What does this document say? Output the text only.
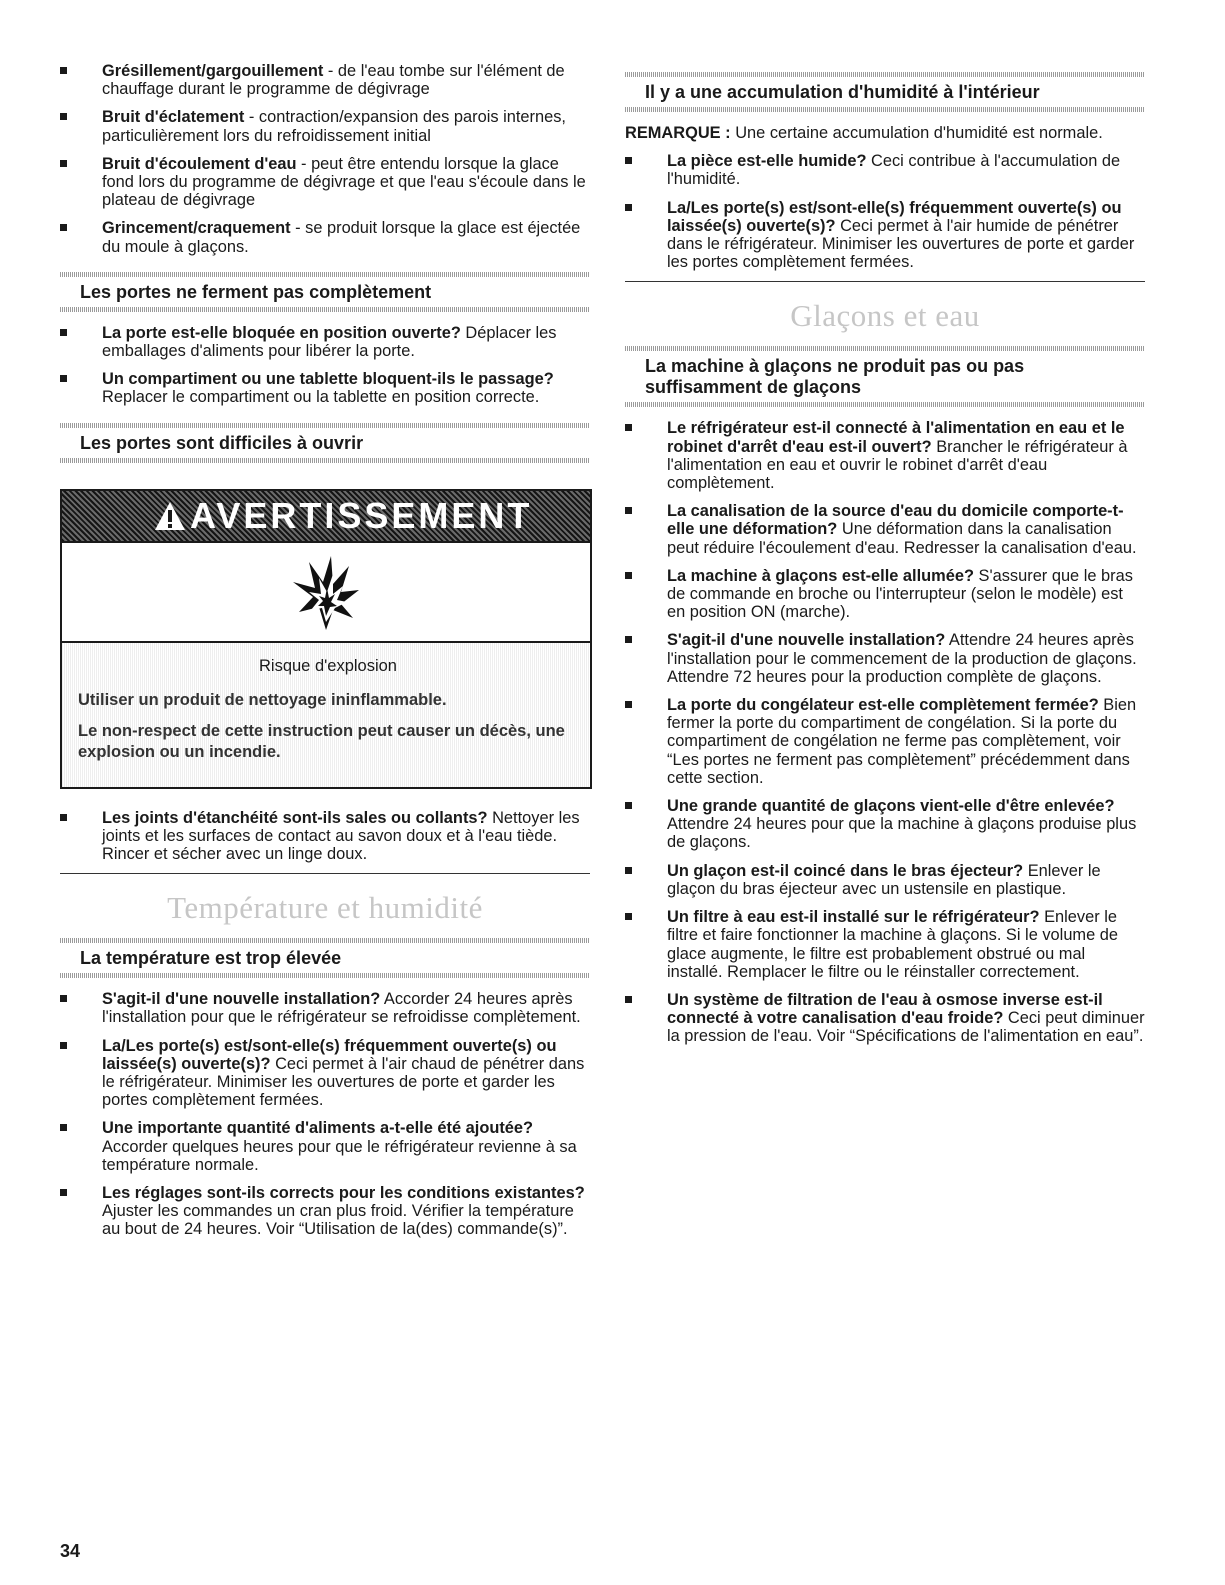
Grésillement/gargouillement - de l'eau tombe sur l'élément de chauffage durant le programme de dégivrage
Bruit d'éclatement - contraction/expansion des parois internes, particulièrement lors du refroidissement initial
Bruit d'écoulement d'eau - peut être entendu lorsque la glace fond lors du programme de dégivrage et que l'eau s'écoule dans le plateau de dégivrage
Grincement/craquement - se produit lorsque la glace est éjectée du moule à glaçons.
Les portes ne ferment pas complètement
La porte est-elle bloquée en position ouverte? Déplacer les emballages d'aliments pour libérer la porte.
Un compartiment ou une tablette bloquent-ils le passage? Replacer le compartiment ou la tablette en position correcte.
Les portes sont difficiles à ouvrir
AVERTISSEMENT
Risque d'explosion

Utiliser un produit de nettoyage ininflammable.

Le non-respect de cette instruction peut causer un décès, une explosion ou un incendie.

Les joints d'étanchéité sont-ils sales ou collants? Nettoyer les joints et les surfaces de contact au savon doux et à l'eau tiède. Rincer et sécher avec un linge doux.
Température et humidité
La température est trop élevée
S'agit-il d'une nouvelle installation? Accorder 24 heures après l'installation pour que le réfrigérateur se refroidisse complètement.
La/Les porte(s) est/sont-elle(s) fréquemment ouverte(s) ou laissée(s) ouverte(s)? Ceci permet à l'air chaud de pénétrer dans le réfrigérateur. Minimiser les ouvertures de porte et garder les portes complètement fermées.
Une importante quantité d'aliments a-t-elle été ajoutée? Accorder quelques heures pour que le réfrigérateur revienne à sa température normale.
Les réglages sont-ils corrects pour les conditions existantes? Ajuster les commandes un cran plus froid. Vérifier la température au bout de 24 heures. Voir “Utilisation de la(des) commande(s)”.
Il y a une accumulation d'humidité à l'intérieur

REMARQUE : Une certaine accumulation d'humidité est normale.

La pièce est-elle humide? Ceci contribue à l'accumulation de l'humidité.
La/Les porte(s) est/sont-elle(s) fréquemment ouverte(s) ou laissée(s) ouverte(s)? Ceci permet à l'air humide de pénétrer dans le réfrigérateur. Minimiser les ouvertures de porte et garder les portes complètement fermées.
Glaçons et eau
La machine à glaçons ne produit pas ou pas suffisamment de glaçons
Le réfrigérateur est-il connecté à l'alimentation en eau et le robinet d'arrêt d'eau est-il ouvert? Brancher le réfrigérateur à l'alimentation en eau et ouvrir le robinet d'arrêt d'eau complètement.
La canalisation de la source d'eau du domicile comporte-t-elle une déformation? Une déformation dans la canalisation peut réduire l'écoulement d'eau. Redresser la canalisation d'eau.
La machine à glaçons est-elle allumée? S'assurer que le bras de commande en broche ou l'interrupteur (selon le modèle) est en position ON (marche).
S'agit-il d'une nouvelle installation? Attendre 24 heures après l'installation pour le commencement de la production de glaçons. Attendre 72 heures pour la production complète de glaçons.
La porte du congélateur est-elle complètement fermée? Bien fermer la porte du compartiment de congélation. Si la porte du compartiment de congélation ne ferme pas complètement, voir “Les portes ne ferment pas complètement” précédemment dans cette section.
Une grande quantité de glaçons vient-elle d'être enlevée? Attendre 24 heures pour que la machine à glaçons produise plus de glaçons.
Un glaçon est-il coincé dans le bras éjecteur? Enlever le glaçon du bras éjecteur avec un ustensile en plastique.
Un filtre à eau est-il installé sur le réfrigérateur? Enlever le filtre et faire fonctionner la machine à glaçons. Si le volume de glace augmente, le filtre est probablement obstrué ou mal installé. Remplacer le filtre ou le réinstaller correctement.
Un système de filtration de l'eau à osmose inverse est-il connecté à votre canalisation d'eau froide? Ceci peut diminuer la pression de l'eau. Voir “Spécifications de l'alimentation en eau”.
34
